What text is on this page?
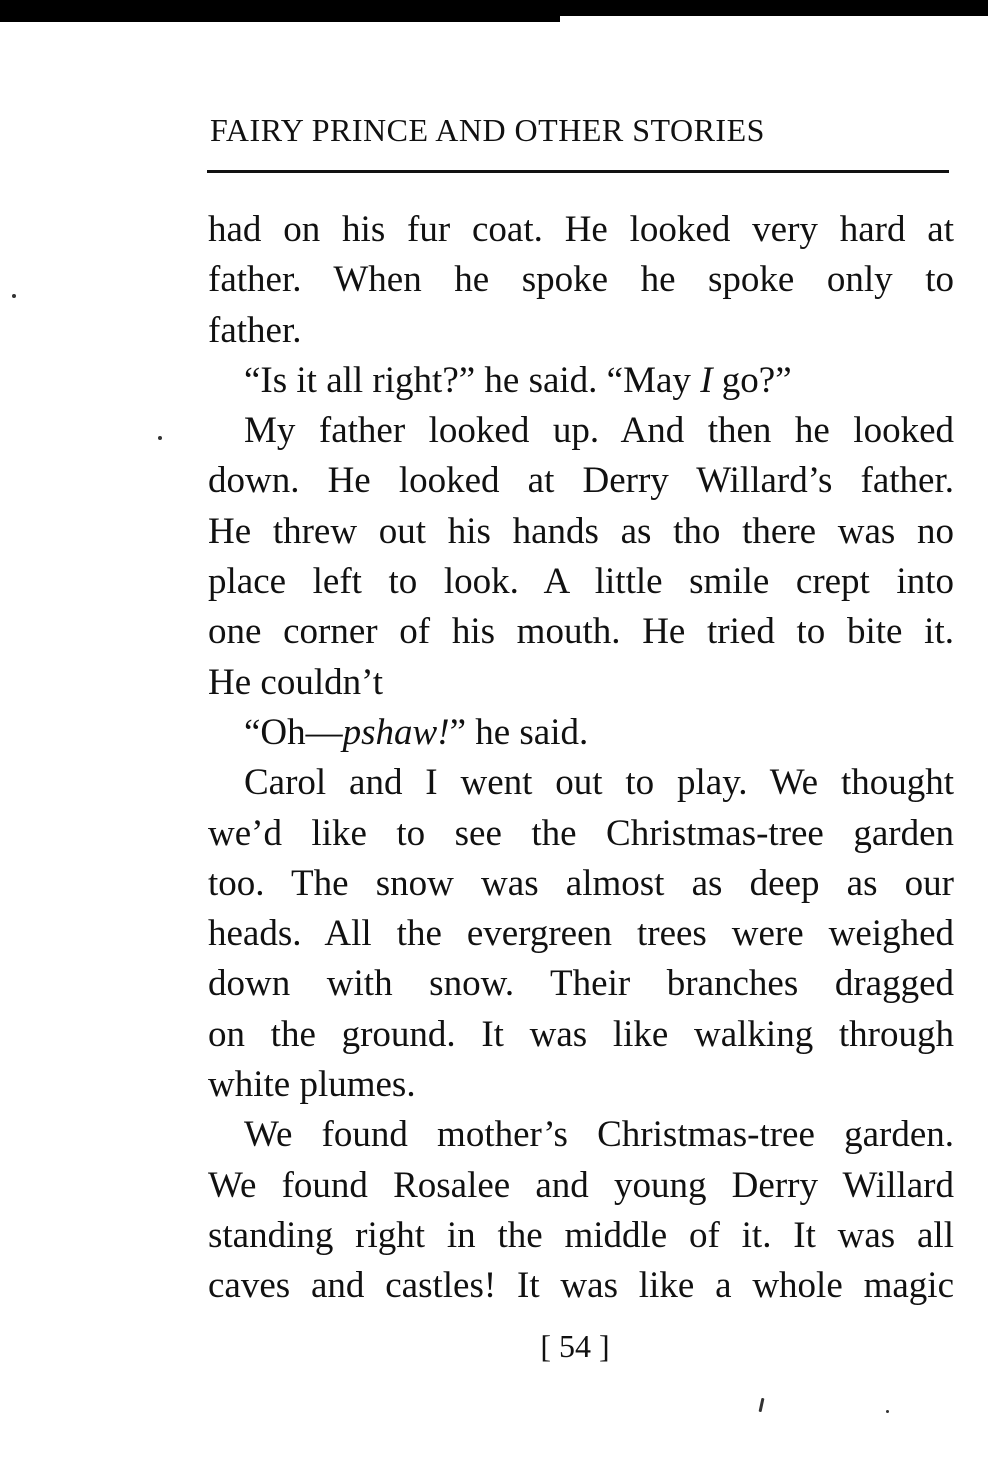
FAIRY PRINCE AND OTHER STORIES
had on his fur coat. He looked very hard at
father. When he spoke he spoke only to
father.
“Is it all right?” he said. “May I go?”
My father looked up. And then he looked
down. He looked at Derry Willard’s father.
He threw out his hands as tho there was no
place left to look. A little smile crept into
one corner of his mouth. He tried to bite it.
He couldn’t
“Oh—pshaw!” he said.
Carol and I went out to play. We thought
we’d like to see the Christmas-tree garden
too. The snow was almost as deep as our
heads. All the evergreen trees were weighed
down with snow. Their branches dragged
on the ground. It was like walking through
white plumes.
We found mother’s Christmas-tree garden.
We found Rosalee and young Derry Willard
standing right in the middle of it. It was all
caves and castles! It was like a whole magic
[ 54 ]
